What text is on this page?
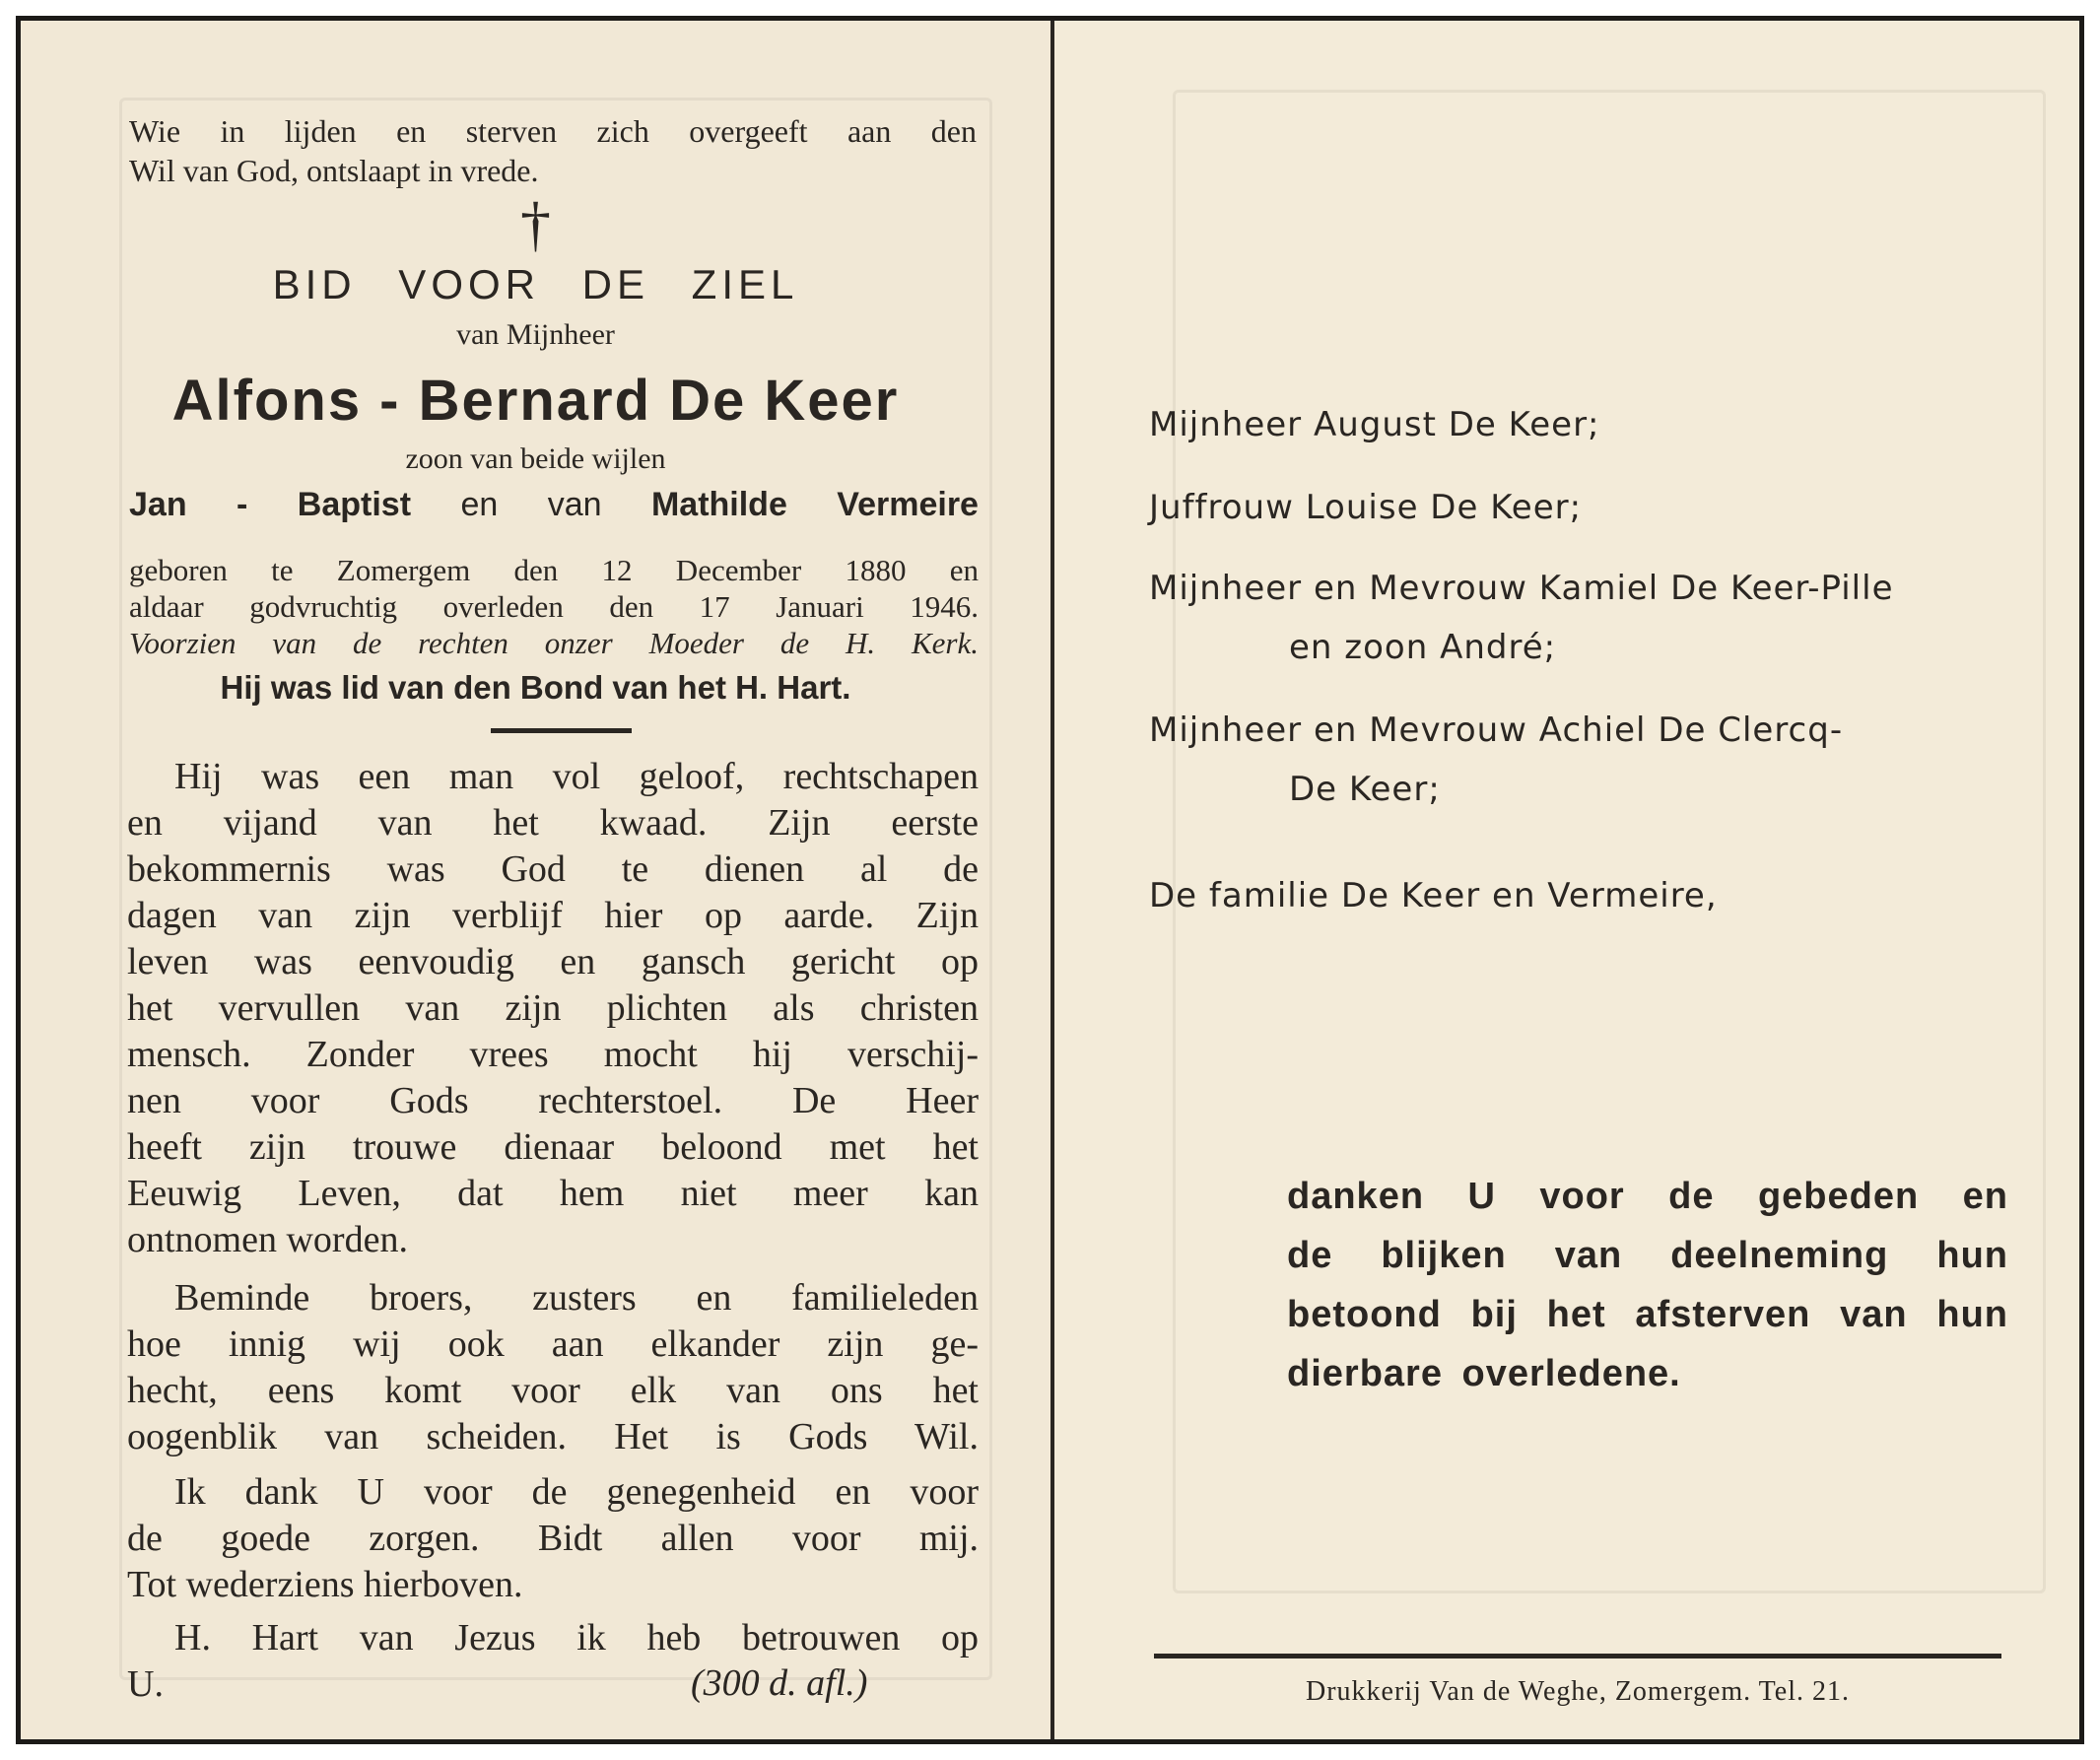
Wie in lijden en sterven zich overgeeft aan den
Wil van God, ontslaapt in vrede.
†
BID VOOR DE ZIEL
van Mijnheer
Alfons - Bernard De Keer
zoon van beide wijlen
Jan - Baptist en van Mathilde Vermeire
geboren te Zomergem den 12 December 1880 en
aldaar godvruchtig overleden den 17 Januari 1946.
Voorzien van de rechten onzer Moeder de H. Kerk.
Hij was lid van den Bond van het H. Hart.
Hij was een man vol geloof, rechtschapen
en vijand van het kwaad. Zijn eerste
bekommernis was God te dienen al de
dagen van zijn verblijf hier op aarde. Zijn
leven was eenvoudig en gansch gericht op
het vervullen van zijn plichten als christen
mensch. Zonder vrees mocht hij verschij-
nen voor Gods rechterstoel. De Heer
heeft zijn trouwe dienaar beloond met het
Eeuwig Leven, dat hem niet meer kan
ontnomen worden.
Beminde broers, zusters en familieleden
hoe innig wij ook aan elkander zijn ge-
hecht, eens komt voor elk van ons het
oogenblik van scheiden. Het is Gods Wil.
Ik dank U voor de genegenheid en voor
de goede zorgen. Bidt allen voor mij.
Tot wederziens hierboven.
H. Hart van Jezus ik heb betrouwen op
U.	(300 d. afl.)
Mijnheer August De Keer;
Juffrouw Louise De Keer;
Mijnheer en Mevrouw Kamiel De Keer-Pille
en zoon André;
Mijnheer en Mevrouw Achiel De Clercq-
De Keer;
De familie De Keer en Vermeire,
danken U voor de gebeden en
de blijken van deelneming hun
betoond bij het afsterven van hun
dierbare overledene.
Drukkerij Van de Weghe, Zomergem. Tel. 21.
